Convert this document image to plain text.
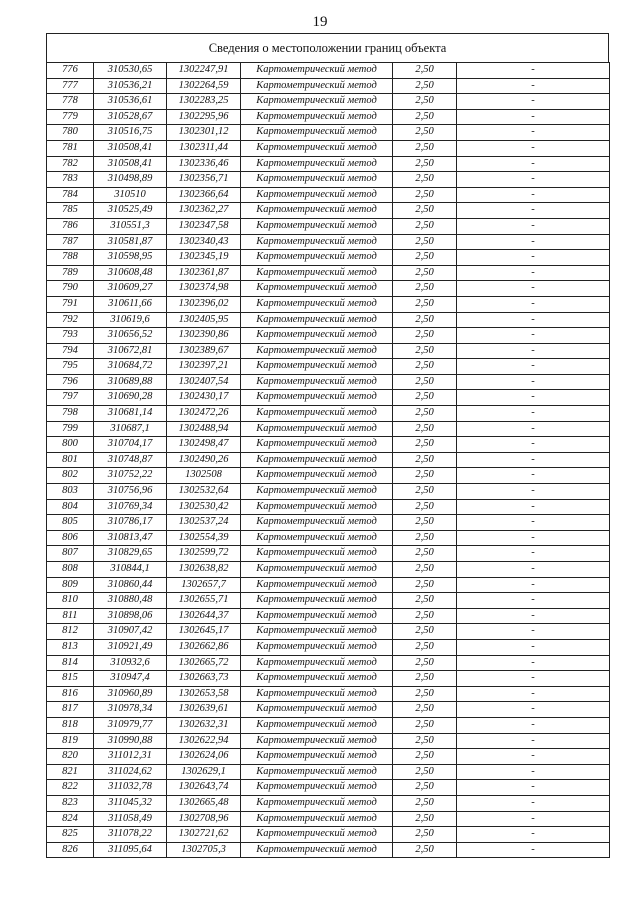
19
Сведения о местоположении границ объекта
776	310530,65	1302247,91	Картометрический метод	2,50	-
777	310536,21	1302264,59	Картометрический метод	2,50	-
778	310536,61	1302283,25	Картометрический метод	2,50	-
779	310528,67	1302295,96	Картометрический метод	2,50	-
780	310516,75	1302301,12	Картометрический метод	2,50	-
781	310508,41	1302311,44	Картометрический метод	2,50	-
782	310508,41	1302336,46	Картометрический метод	2,50	-
783	310498,89	1302356,71	Картометрический метод	2,50	-
784	310510	1302366,64	Картометрический метод	2,50	-
785	310525,49	1302362,27	Картометрический метод	2,50	-
786	310551,3	1302347,58	Картометрический метод	2,50	-
787	310581,87	1302340,43	Картометрический метод	2,50	-
788	310598,95	1302345,19	Картометрический метод	2,50	-
789	310608,48	1302361,87	Картометрический метод	2,50	-
790	310609,27	1302374,98	Картометрический метод	2,50	-
791	310611,66	1302396,02	Картометрический метод	2,50	-
792	310619,6	1302405,95	Картометрический метод	2,50	-
793	310656,52	1302390,86	Картометрический метод	2,50	-
794	310672,81	1302389,67	Картометрический метод	2,50	-
795	310684,72	1302397,21	Картометрический метод	2,50	-
796	310689,88	1302407,54	Картометрический метод	2,50	-
797	310690,28	1302430,17	Картометрический метод	2,50	-
798	310681,14	1302472,26	Картометрический метод	2,50	-
799	310687,1	1302488,94	Картометрический метод	2,50	-
800	310704,17	1302498,47	Картометрический метод	2,50	-
801	310748,87	1302490,26	Картометрический метод	2,50	-
802	310752,22	1302508	Картометрический метод	2,50	-
803	310756,96	1302532,64	Картометрический метод	2,50	-
804	310769,34	1302530,42	Картометрический метод	2,50	-
805	310786,17	1302537,24	Картометрический метод	2,50	-
806	310813,47	1302554,39	Картометрический метод	2,50	-
807	310829,65	1302599,72	Картометрический метод	2,50	-
808	310844,1	1302638,82	Картометрический метод	2,50	-
809	310860,44	1302657,7	Картометрический метод	2,50	-
810	310880,48	1302655,71	Картометрический метод	2,50	-
811	310898,06	1302644,37	Картометрический метод	2,50	-
812	310907,42	1302645,17	Картометрический метод	2,50	-
813	310921,49	1302662,86	Картометрический метод	2,50	-
814	310932,6	1302665,72	Картометрический метод	2,50	-
815	310947,4	1302663,73	Картометрический метод	2,50	-
816	310960,89	1302653,58	Картометрический метод	2,50	-
817	310978,34	1302639,61	Картометрический метод	2,50	-
818	310979,77	1302632,31	Картометрический метод	2,50	-
819	310990,88	1302622,94	Картометрический метод	2,50	-
820	311012,31	1302624,06	Картометрический метод	2,50	-
821	311024,62	1302629,1	Картометрический метод	2,50	-
822	311032,78	1302643,74	Картометрический метод	2,50	-
823	311045,32	1302665,48	Картометрический метод	2,50	-
824	311058,49	1302708,96	Картометрический метод	2,50	-
825	311078,22	1302721,62	Картометрический метод	2,50	-
826	311095,64	1302705,3	Картометрический метод	2,50	-
